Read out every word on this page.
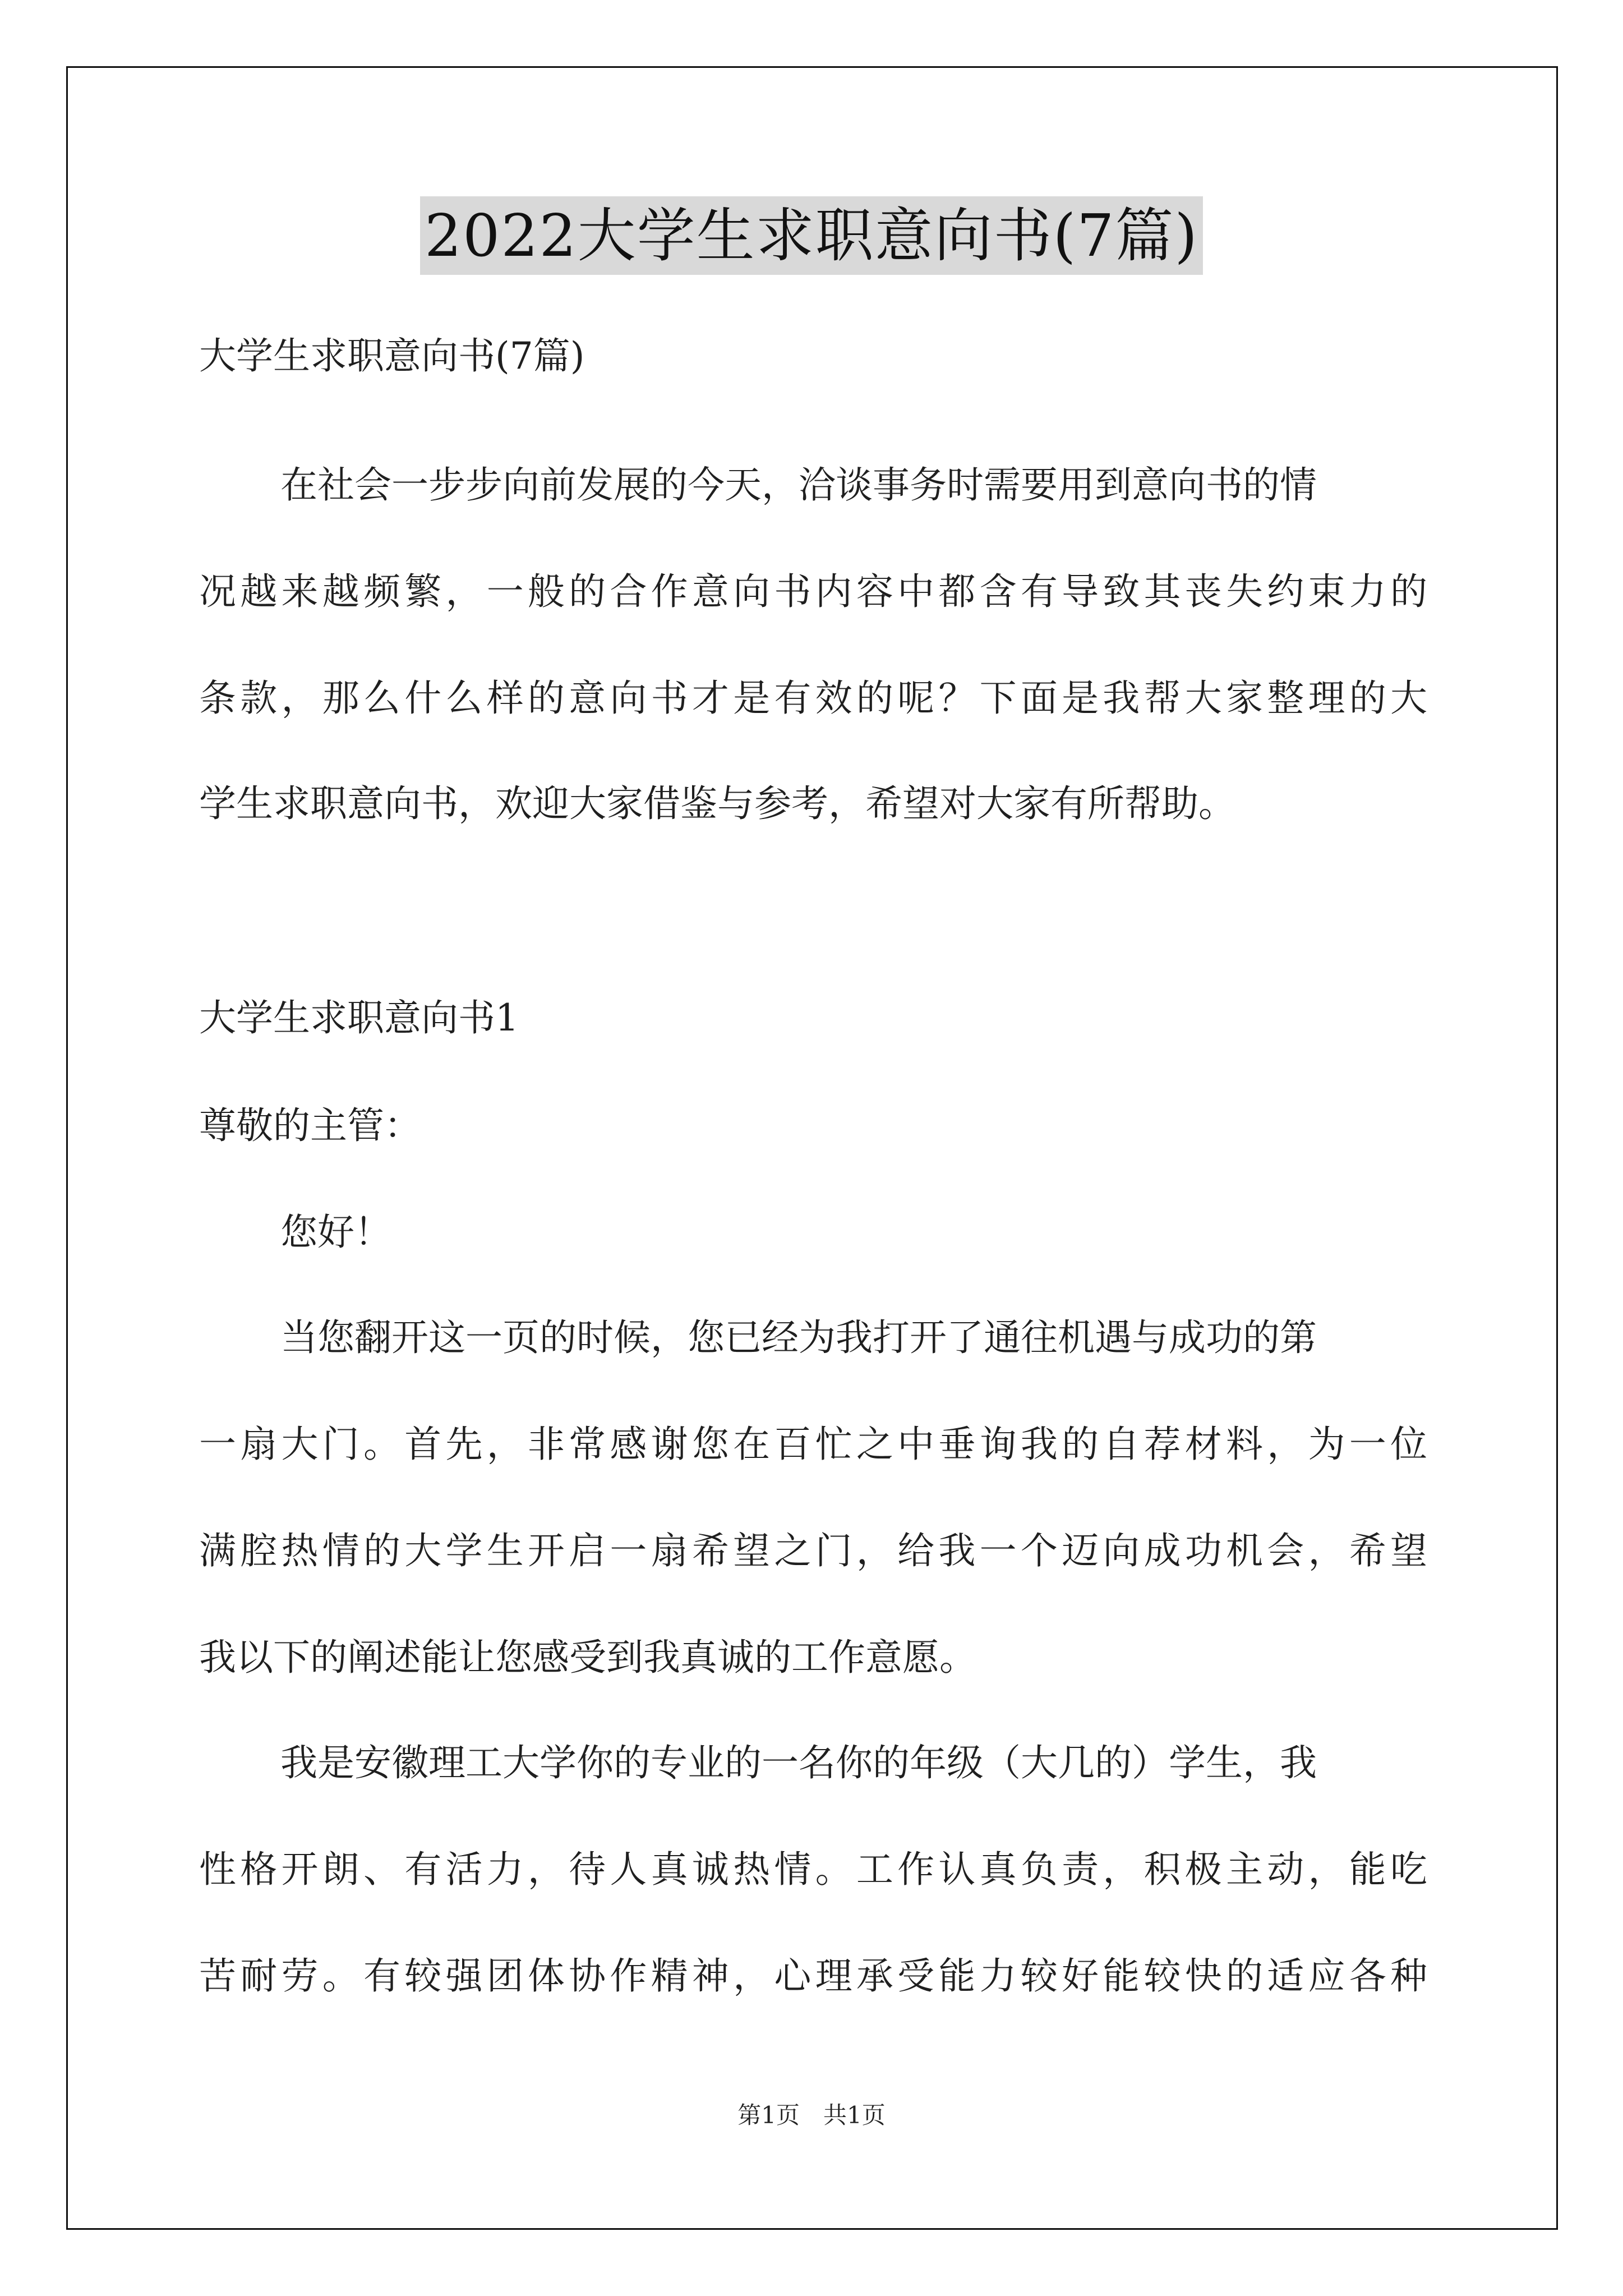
2022大学生求职意向书(7篇)
大学生求职意向书(7篇)
在社会一步步向前发展的今天，洽谈事务时需要用到意向书的情
况越来越频繁，一般的合作意向书内容中都含有导致其丧失约束力的
条款，那么什么样的意向书才是有效的呢？下面是我帮大家整理的大
学生求职意向书，欢迎大家借鉴与参考，希望对大家有所帮助。
大学生求职意向书1
尊敬的主管：
您好！
当您翻开这一页的时候，您已经为我打开了通往机遇与成功的第
一扇大门。首先，非常感谢您在百忙之中垂询我的自荐材料，为一位
满腔热情的大学生开启一扇希望之门，给我一个迈向成功机会，希望
我以下的阐述能让您感受到我真诚的工作意愿。
我是安徽理工大学你的专业的一名你的年级（大几的）学生，我
性格开朗、有活力，待人真诚热情。工作认真负责，积极主动，能吃
苦耐劳。有较强团体协作精神，心理承受能力较好能较快的适应各种
第1页　共1页
